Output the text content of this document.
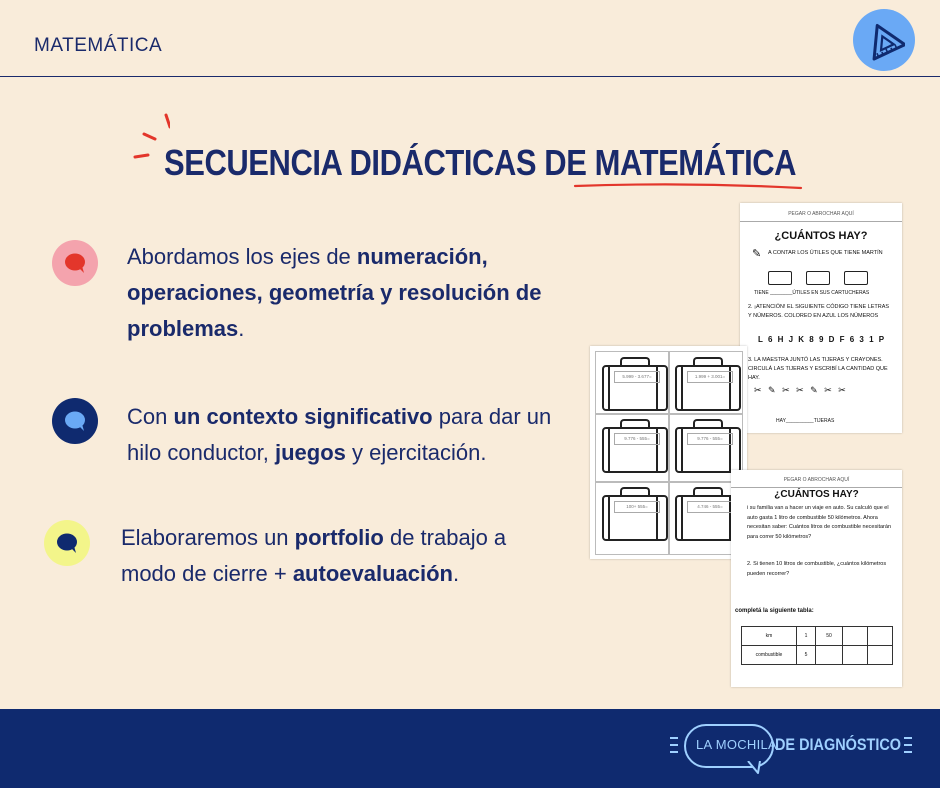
MATEMÁTICA
SECUENCIA DIDÁCTICAS DE MATEMÁTICA
Abordamos los ejes de numeración, operaciones, geometría y resolución de problemas.
Con un contexto significativo para dar un hilo conductor, juegos y ejercitación.
Elaboraremos un portfolio de trabajo a modo de cierre + autoevaluación.
PEGAR O ABROCHAR AQUÍ
¿CUÁNTOS HAY?
✎ A CONTAR LOS ÚTILES QUE TIENE MARTÍN
TIENE ________ÚTILES EN SUS CARTUCHERAS
2. ¡ATENCIÓN! EL SIGUIENTE CÓDIGO TIENE LETRAS Y NÚMEROS. COLOREO EN AZUL LOS NÚMEROS
L 6 H J K 8 9 D F 6 3 1 P
3. LA MAESTRA JUNTÓ LAS TIJERAS Y CRAYONES. CIRCULÁ LAS TIJERAS Y ESCRIBÍ LA CANTIDAD QUE HAY.
✂ ✎ ✂ ✂ ✎ ✂ ✂
HAY__________TIJERAS
5.999 - 3.677=	1.999 + 3.001=
9.776 - 555=	9.776 - 555=
100+ 555=	4.746 - 555=
PEGAR O ABROCHAR AQUÍ
¿CUÁNTOS HAY?
i su familia van a hacer un viaje en auto. Su calculó que el auto gasta 1 litro de combustible 50 kilómetros. Ahora necesitan saber: Cuántos litros de combustible necesitarán para correr 50 kilómetros?
2. Si tienen 10 litros de combustible, ¿cuántos kilómetros pueden recorrer?
completá la siguiente tabla:
km	1	50		
combustible	5			
LA MOCHILA
DE DIAGNÓSTICO
